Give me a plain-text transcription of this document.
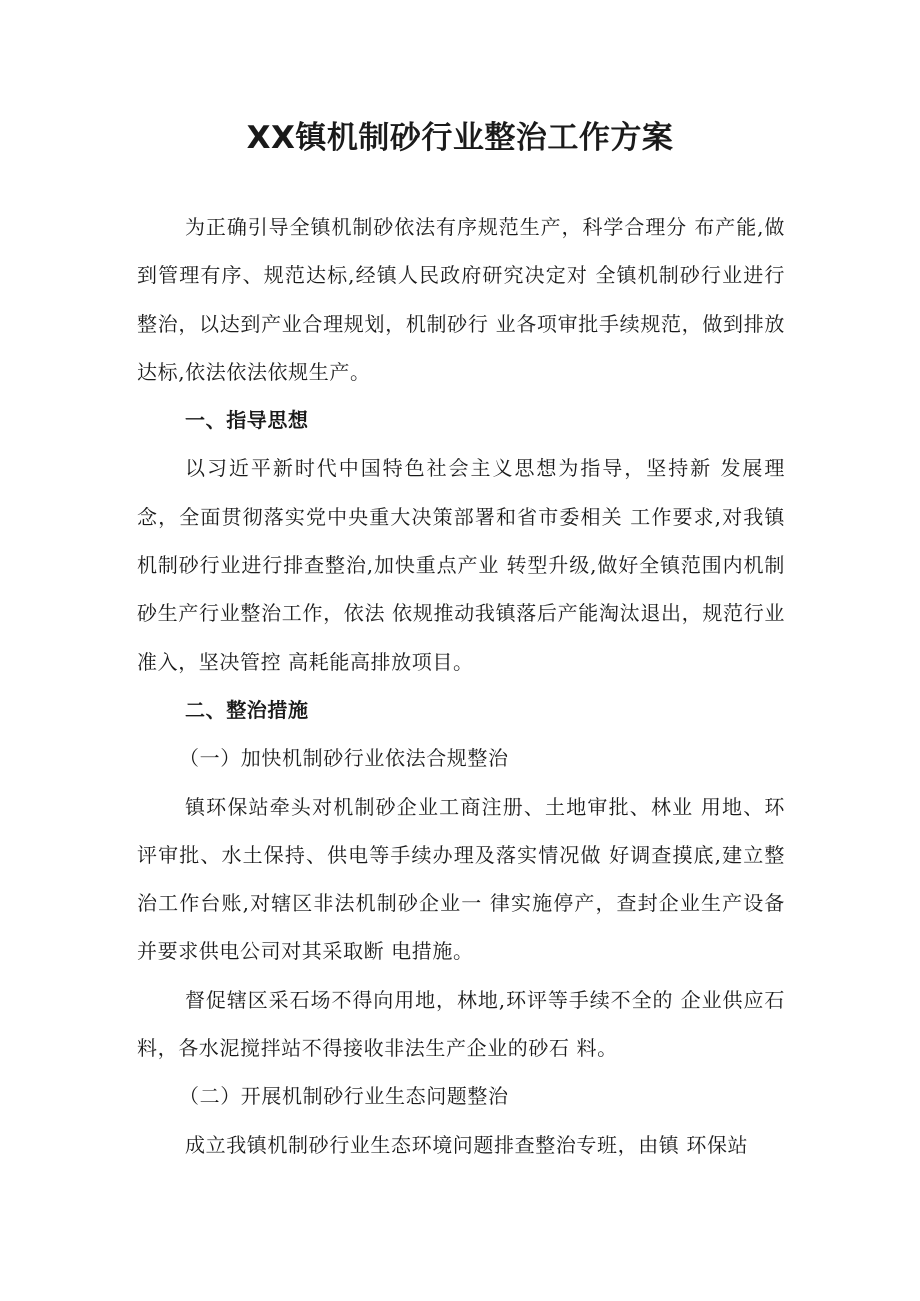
XX镇机制砂行业整治工作方案

为正确引导全镇机制砂依法有序规范生产，科学合理分 布产能,做到管理有序、规范达标,经镇人民政府研究决定对 全镇机制砂行业进行整治，以达到产业合理规划，机制砂行 业各项审批手续规范，做到排放达标,依法依法依规生产。

一、指导思想

以习近平新时代中国特色社会主义思想为指导，坚持新 发展理念，全面贯彻落实党中央重大决策部署和省市委相关 工作要求,对我镇机制砂行业进行排查整治,加快重点产业 转型升级,做好全镇范围内机制砂生产行业整治工作，依法 依规推动我镇落后产能淘汰退出，规范行业准入，坚决管控 高耗能高排放项目。

二、整治措施

（一）加快机制砂行业依法合规整治

镇环保站牵头对机制砂企业工商注册、土地审批、林业 用地、环评审批、水土保持、供电等手续办理及落实情况做 好调查摸底,建立整治工作台账,对辖区非法机制砂企业一 律实施停产，查封企业生产设备并要求供电公司对其采取断 电措施。

督促辖区采石场不得向用地，林地,环评等手续不全的 企业供应石料，各水泥搅拌站不得接收非法生产企业的砂石 料。

（二）开展机制砂行业生态问题整治

成立我镇机制砂行业生态环境问题排查整治专班，由镇 环保站
